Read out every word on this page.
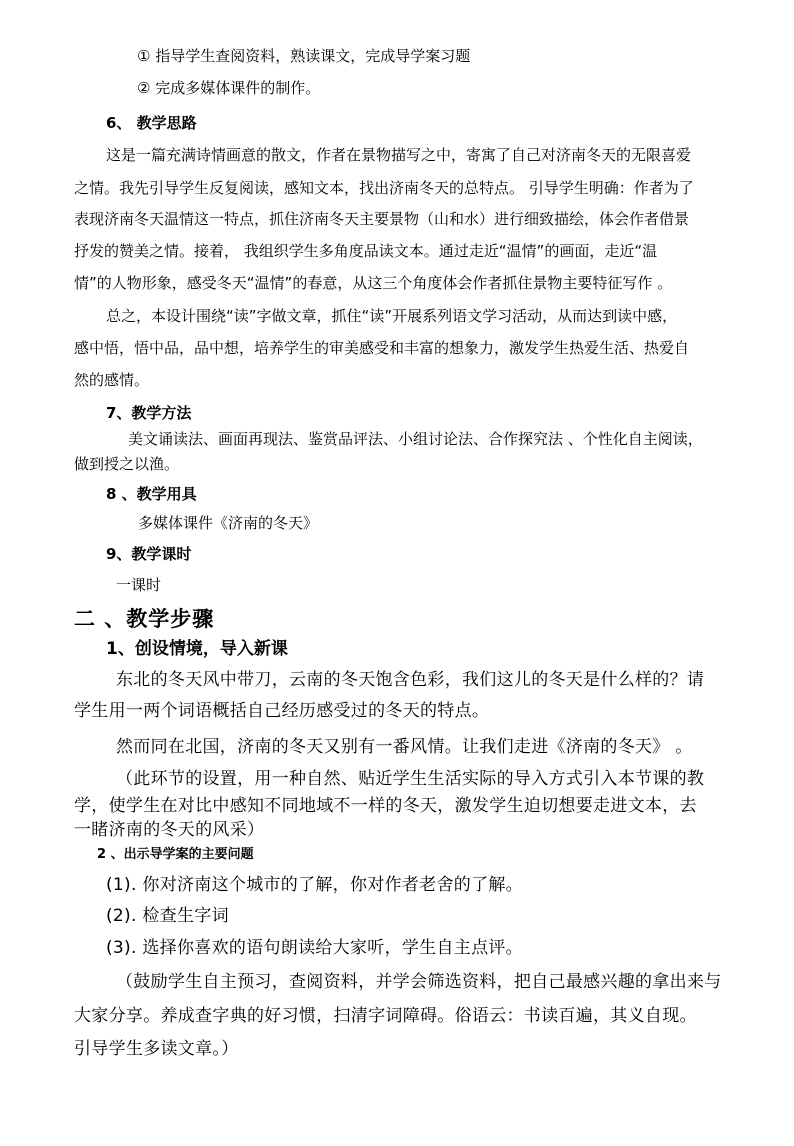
① 指导学生查阅资料，熟读课文，完成导学案习题
② 完成多媒体课件的制作。
6、 教学思路
这是一篇充满诗情画意的散文，作者在景物描写之中，寄寓了自己对济南冬天的无限喜爱
之情。我先引导学生反复阅读，感知文本，找出济南冬天的总特点。 引导学生明确：作者为了
表现济南冬天温情这一特点，抓住济南冬天主要景物（山和水）进行细致描绘，体会作者借景
抒发的赞美之情。接着， 我组织学生多角度品读文本。通过走近“温情”的画面，走近“温
情”的人物形象，感受冬天“温情”的春意，从这三个角度体会作者抓住景物主要特征写作 。
总之，本设计围绕“读”字做文章，抓住“读”开展系列语文学习活动，从而达到读中感，
感中悟，悟中品，品中想，培养学生的审美感受和丰富的想象力，激发学生热爱生活、热爱自
然的感情。
7、教学方法
美文诵读法、画面再现法、鉴赏品评法、小组讨论法、合作探究法 、个性化自主阅读，
做到授之以渔。
8 、教学用具
多媒体课件《济南的冬天》
9、教学课时
一课时
二 、教学步骤
1、创设情境，导入新课
东北的冬天风中带刀，云南的冬天饱含色彩，我们这儿的冬天是什么样的？请
学生用一两个词语概括自己经历感受过的冬天的特点。
然而同在北国，济南的冬天又别有一番风情。让我们走进《济南的冬天》 。
（此环节的设置，用一种自然、贴近学生生活实际的导入方式引入本节课的教
学，使学生在对比中感知不同地域不一样的冬天，激发学生迫切想要走进文本，去
一睹济南的冬天的风采）
2 、出示导学案的主要问题
(1). 你对济南这个城市的了解，你对作者老舍的了解。
(2). 检查生字词
(3). 选择你喜欢的语句朗读给大家听，学生自主点评。
（鼓励学生自主预习，查阅资料，并学会筛选资料，把自己最感兴趣的拿出来与
大家分享。养成查字典的好习惯，扫清字词障碍。俗语云：书读百遍，其义自现。
引导学生多读文章。）
